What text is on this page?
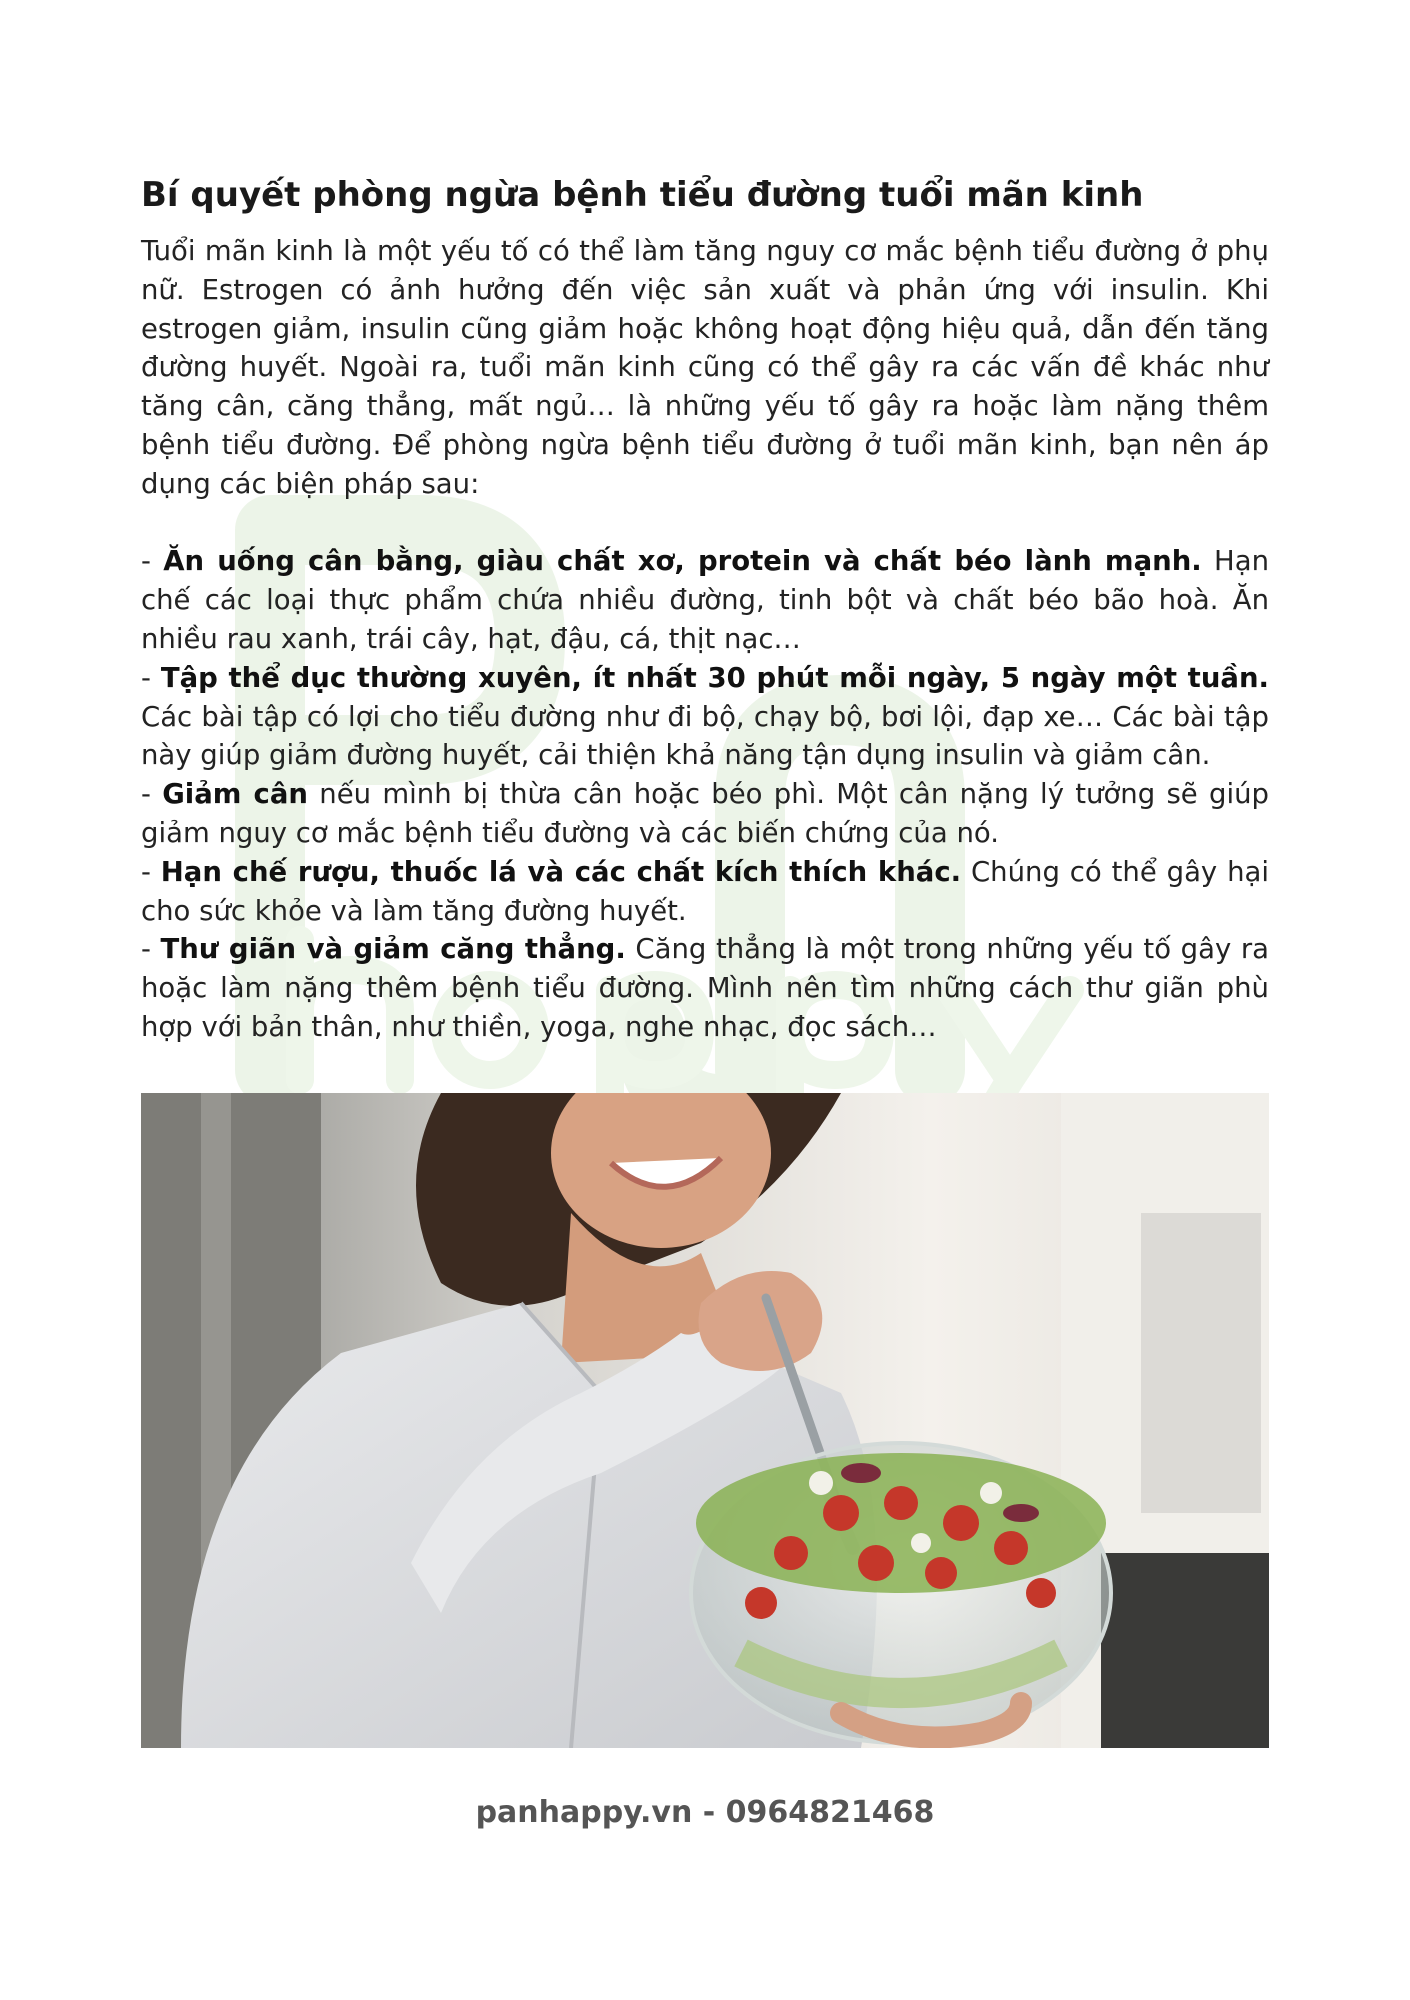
Bí quyết phòng ngừa bệnh tiểu đường tuổi mãn kinh

Tuổi mãn kinh là một yếu tố có thể làm tăng nguy cơ mắc bệnh tiểu đường ở phụ nữ. Estrogen có ảnh hưởng đến việc sản xuất và phản ứng với insulin. Khi estrogen giảm, insulin cũng giảm hoặc không hoạt động hiệu quả, dẫn đến tăng đường huyết. Ngoài ra, tuổi mãn kinh cũng có thể gây ra các vấn đề khác như tăng cân, căng thẳng, mất ngủ… là những yếu tố gây ra hoặc làm nặng thêm bệnh tiểu đường. Để phòng ngừa bệnh tiểu đường ở tuổi mãn kinh, bạn nên áp dụng các biện pháp sau:

- Ăn uống cân bằng, giàu chất xơ, protein và chất béo lành mạnh. Hạn chế các loại thực phẩm chứa nhiều đường, tinh bột và chất béo bão hoà. Ăn nhiều rau xanh, trái cây, hạt, đậu, cá, thịt nạc…

- Tập thể dục thường xuyên, ít nhất 30 phút mỗi ngày, 5 ngày một tuần. Các bài tập có lợi cho tiểu đường như đi bộ, chạy bộ, bơi lội, đạp xe… Các bài tập này giúp giảm đường huyết, cải thiện khả năng tận dụng insulin và giảm cân.

- Giảm cân nếu mình bị thừa cân hoặc béo phì. Một cân nặng lý tưởng sẽ giúp giảm nguy cơ mắc bệnh tiểu đường và các biến chứng của nó.

- Hạn chế rượu, thuốc lá và các chất kích thích khác. Chúng có thể gây hại cho sức khỏe và làm tăng đường huyết.

- Thư giãn và giảm căng thẳng. Căng thẳng là một trong những yếu tố gây ra hoặc làm nặng thêm bệnh tiểu đường. Mình nên tìm những cách thư giãn phù hợp với bản thân, như thiền, yoga, nghe nhạc, đọc sách…

panhappy.vn - 0964821468
